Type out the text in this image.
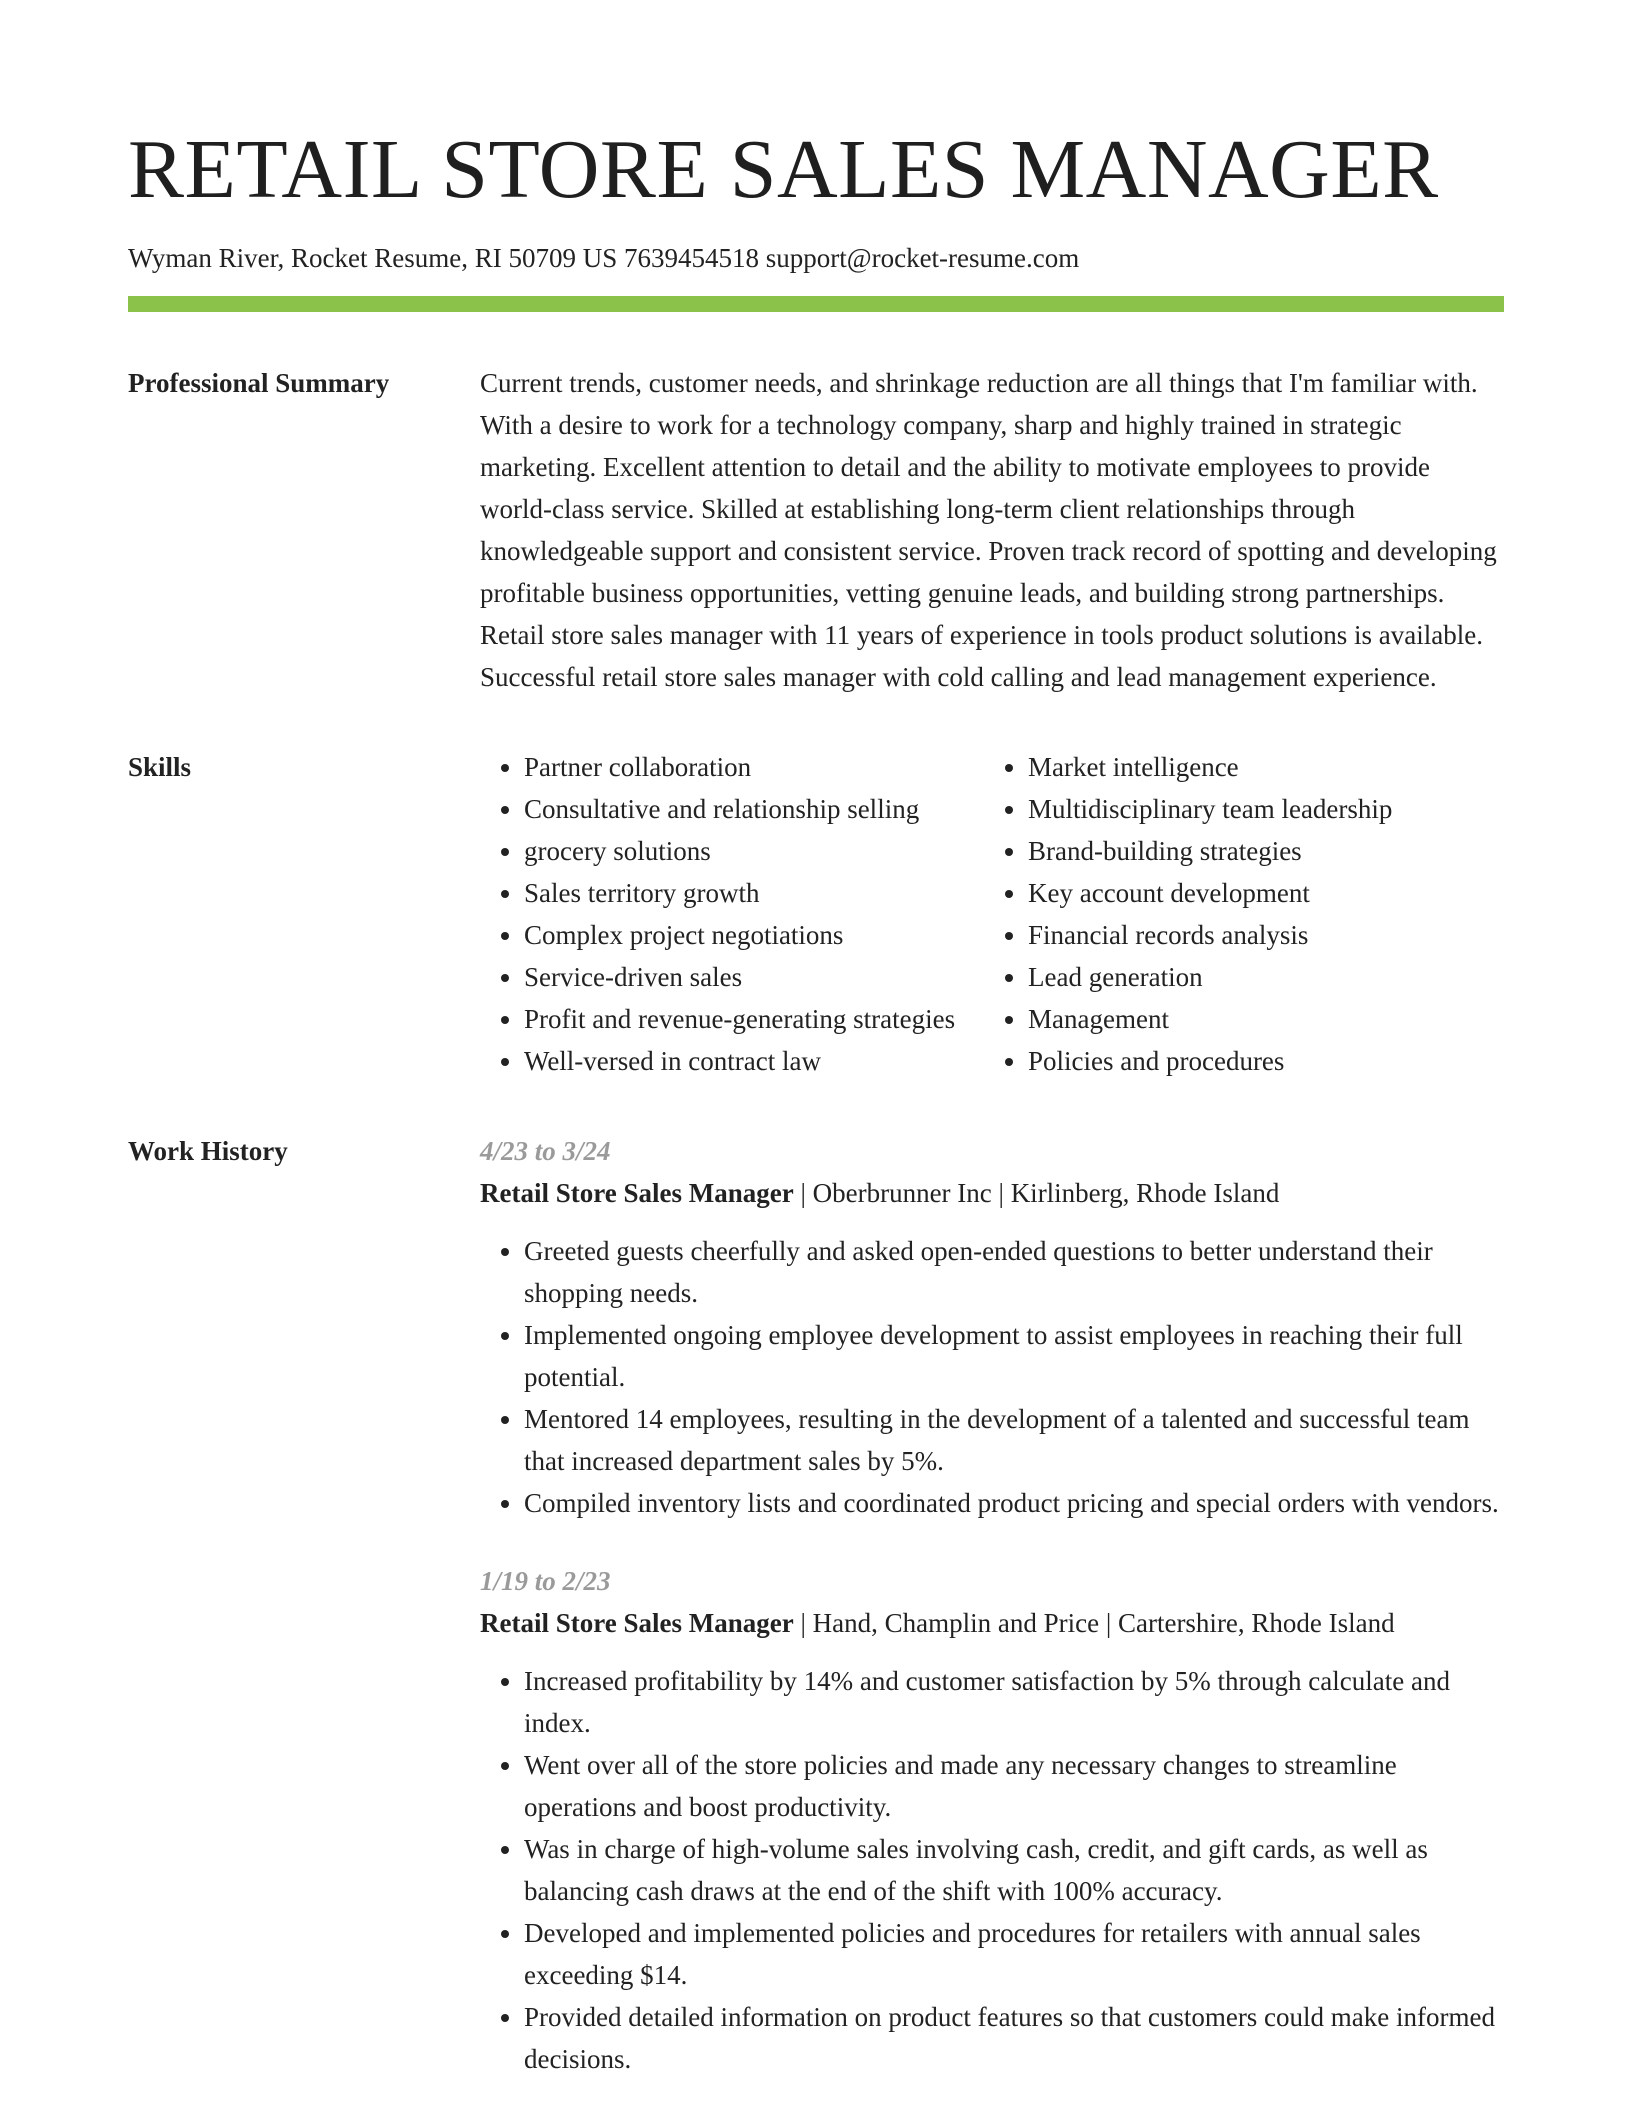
RETAIL STORE SALES MANAGER
Wyman River, Rocket Resume, RI 50709 US 7639454518 support@rocket-resume.com
Professional Summary	Current trends, customer needs, and shrinkage reduction are all things that I'm familiar with. With a desire to work for a technology company, sharp and highly trained in strategic marketing. Excellent attention to detail and the ability to motivate employees to provide world-class service. Skilled at establishing long-term client relationships through knowledgeable support and consistent service. Proven track record of spotting and developing profitable business opportunities, vetting genuine leads, and building strong partnerships. Retail store sales manager with 11 years of experience in tools product solutions is available. Successful retail store sales manager with cold calling and lead management experience.

Skills
•	Partner collaboration
• Consultative and relationship selling
• grocery solutions
• Sales territory growth
• Complex project negotiations
• Service-driven sales
• Profit and revenue-generating strategies
• Well-versed in contract law
• Market intelligence
• Multidisciplinary team leadership
• Brand-building strategies
• Key account development
• Financial records analysis
• Lead generation
• Management
• Policies and procedures
Work History	4/23 to 3/24
Retail Store Sales Manager | Oberbrunner Inc | Kirlinberg, Rhode Island
• Greeted guests cheerfully and asked open-ended questions to better understand their shopping needs.
• Implemented ongoing employee development to assist employees in reaching their full potential.
• Mentored 14 employees, resulting in the development of a talented and successful team that increased department sales by 5%.
• Compiled inventory lists and coordinated product pricing and special orders with vendors.
1/19 to 2/23
Retail Store Sales Manager | Hand, Champlin and Price | Cartershire, Rhode Island
• Increased profitability by 14% and customer satisfaction by 5% through calculate and index.
• Went over all of the store policies and made any necessary changes to streamline operations and boost productivity.
• Was in charge of high-volume sales involving cash, credit, and gift cards, as well as balancing cash draws at the end of the shift with 100% accuracy.
• Developed and implemented policies and procedures for retailers with annual sales exceeding $14.
• Provided detailed information on product features so that customers could make informed decisions.
